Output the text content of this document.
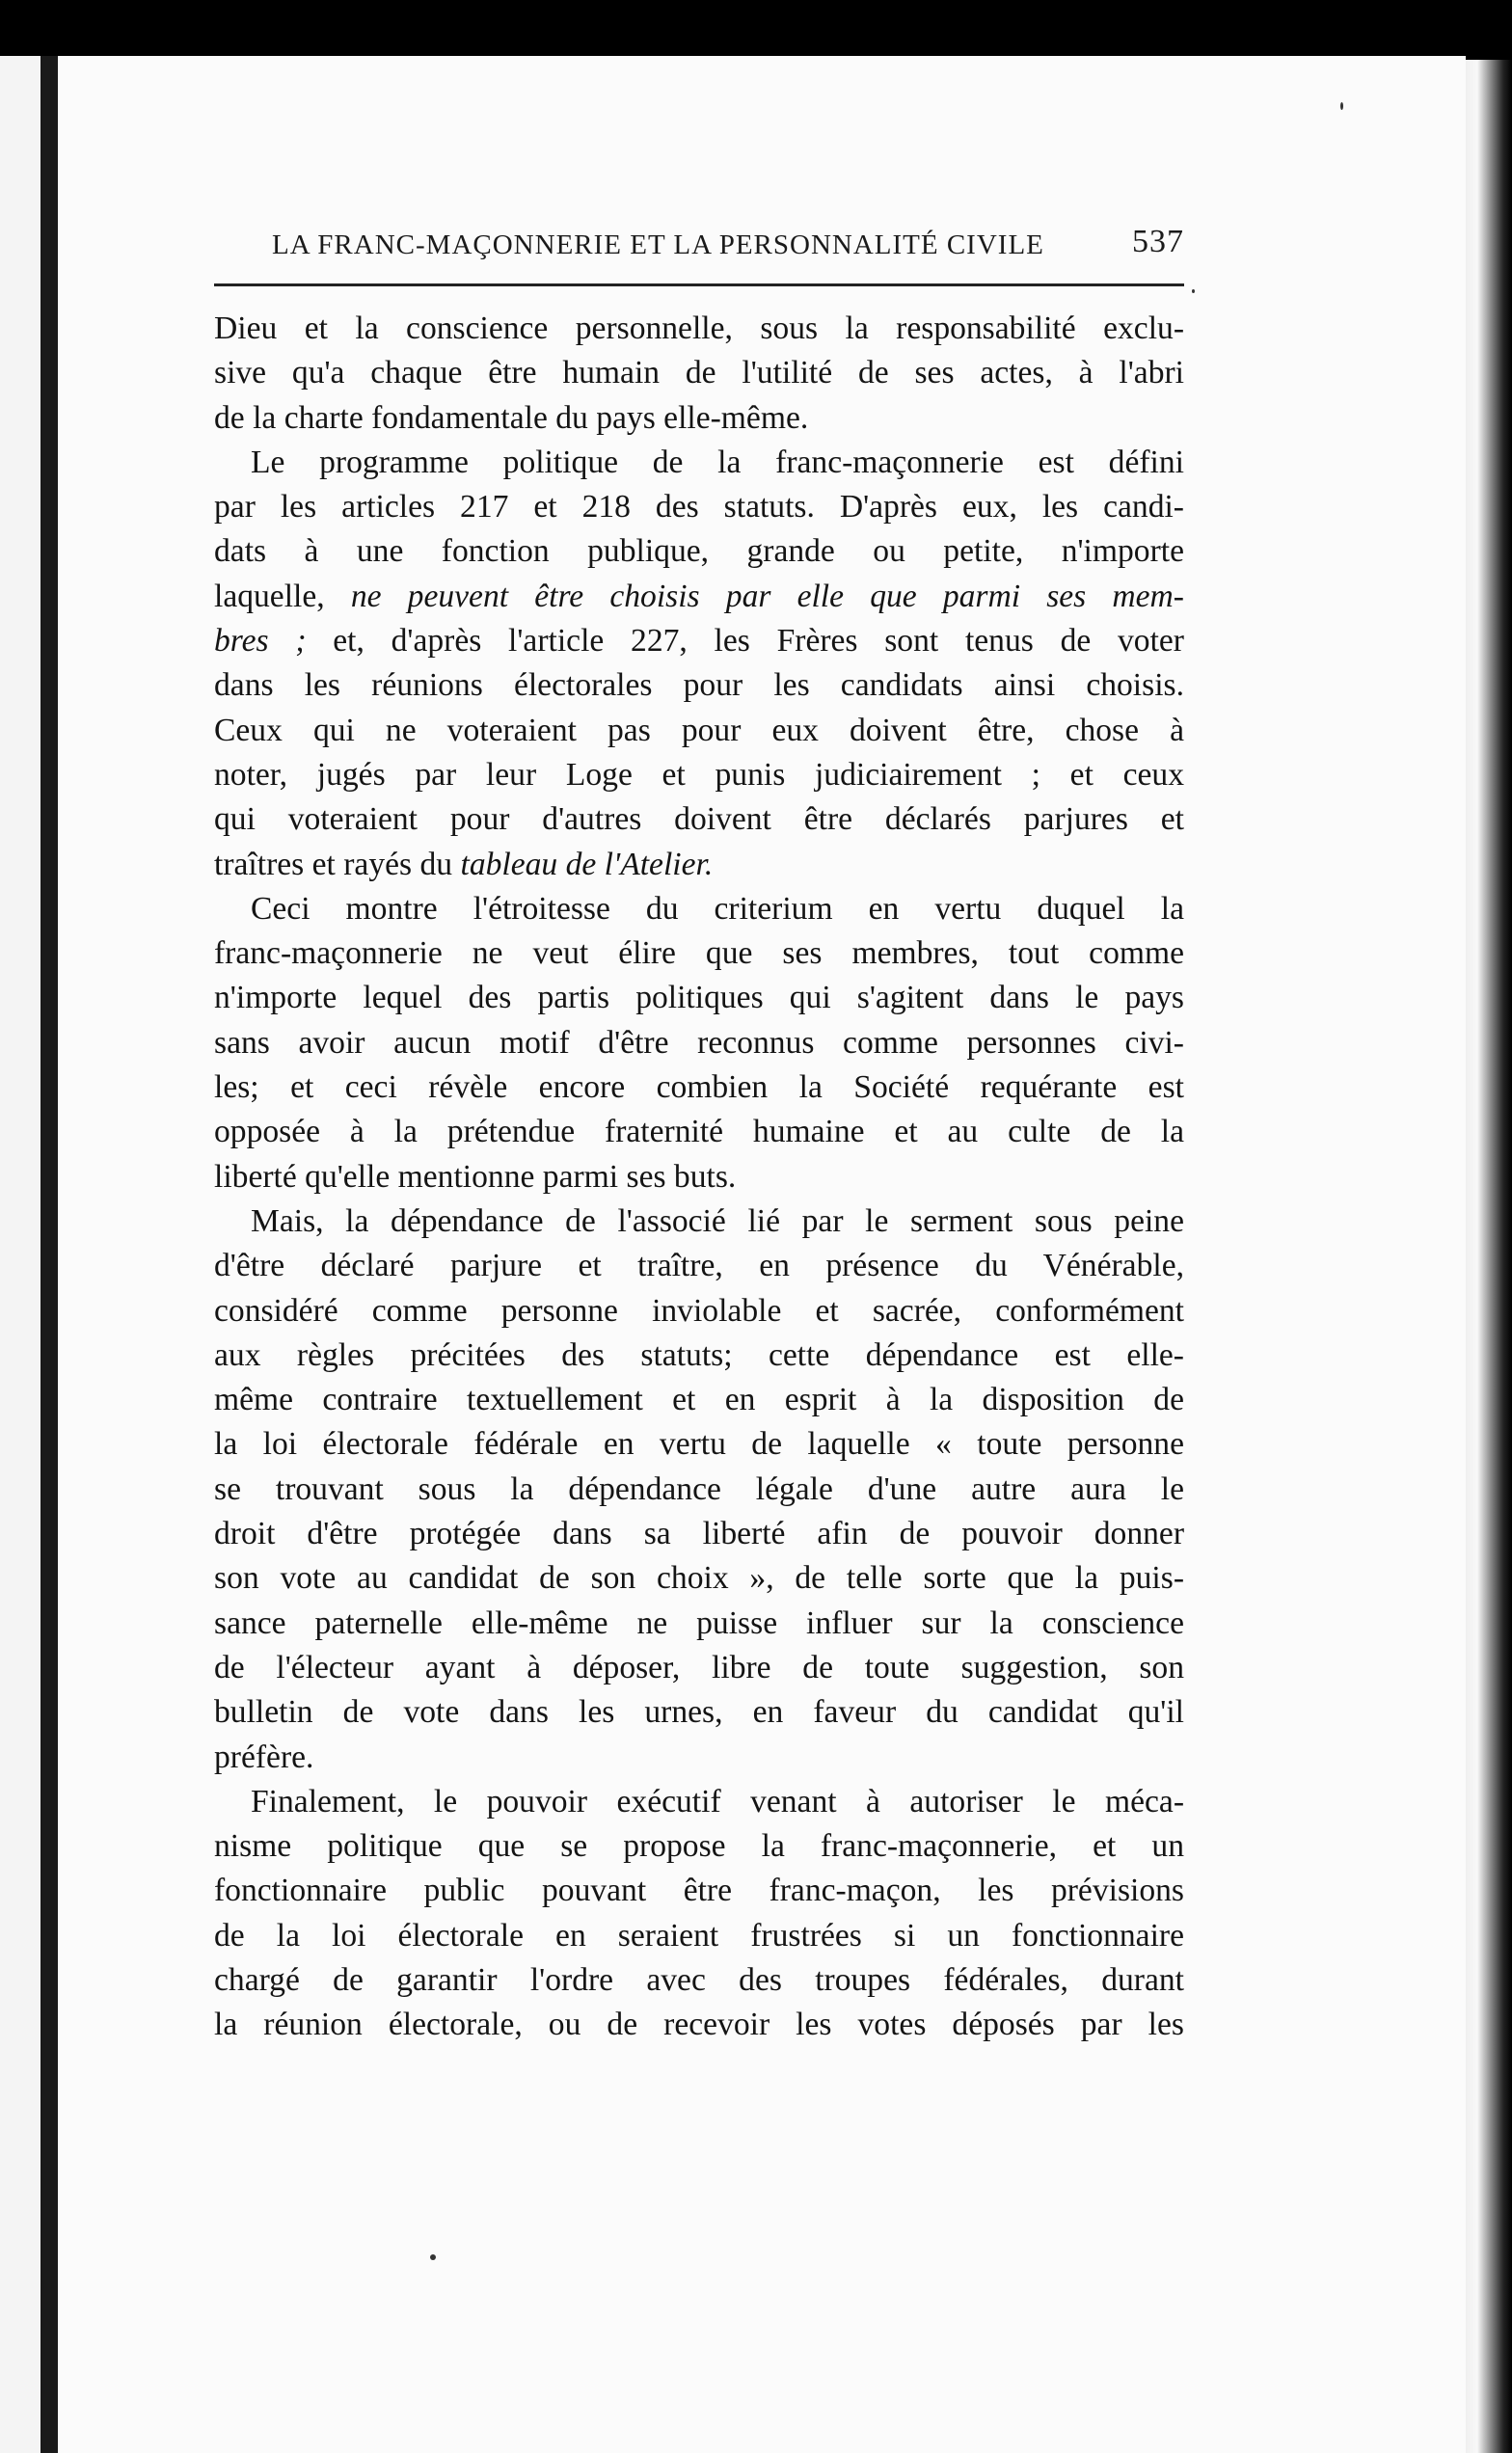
LA FRANC-MAÇONNERIE ET LA PERSONNALITÉ CIVILE	537
Dieu et la conscience personnelle, sous la responsabilité exclu-
sive qu'a chaque être humain de l'utilité de ses actes, à l'abri
de la charte fondamentale du pays elle-même.
Le programme politique de la franc-maçonnerie est défini
par les articles 217 et 218 des statuts. D'après eux, les candi-
dats à une fonction publique, grande ou petite, n'importe
laquelle, ne peuvent être choisis par elle que parmi ses mem-
bres ; et, d'après l'article 227, les Frères sont tenus de voter
dans les réunions électorales pour les candidats ainsi choisis.
Ceux qui ne voteraient pas pour eux doivent être, chose à
noter, jugés par leur Loge et punis judiciairement ; et ceux
qui voteraient pour d'autres doivent être déclarés parjures et
traîtres et rayés du tableau de l'Atelier.
Ceci montre l'étroitesse du criterium en vertu duquel la
franc-maçonnerie ne veut élire que ses membres, tout comme
n'importe lequel des partis politiques qui s'agitent dans le pays
sans avoir aucun motif d'être reconnus comme personnes civi-
les; et ceci révèle encore combien la Société requérante est
opposée à la prétendue fraternité humaine et au culte de la
liberté qu'elle mentionne parmi ses buts.
Mais, la dépendance de l'associé lié par le serment sous peine
d'être déclaré parjure et traître, en présence du Vénérable,
considéré comme personne inviolable et sacrée, conformément
aux règles précitées des statuts; cette dépendance est elle-
même contraire textuellement et en esprit à la disposition de
la loi électorale fédérale en vertu de laquelle « toute personne
se trouvant sous la dépendance légale d'une autre aura le
droit d'être protégée dans sa liberté afin de pouvoir donner
son vote au candidat de son choix », de telle sorte que la puis-
sance paternelle elle-même ne puisse influer sur la conscience
de l'électeur ayant à déposer, libre de toute suggestion, son
bulletin de vote dans les urnes, en faveur du candidat qu'il
préfère.
Finalement, le pouvoir exécutif venant à autoriser le méca-
nisme politique que se propose la franc-maçonnerie, et un
fonctionnaire public pouvant être franc-maçon, les prévisions
de la loi électorale en seraient frustrées si un fonctionnaire
chargé de garantir l'ordre avec des troupes fédérales, durant
la réunion électorale, ou de recevoir les votes déposés par les
